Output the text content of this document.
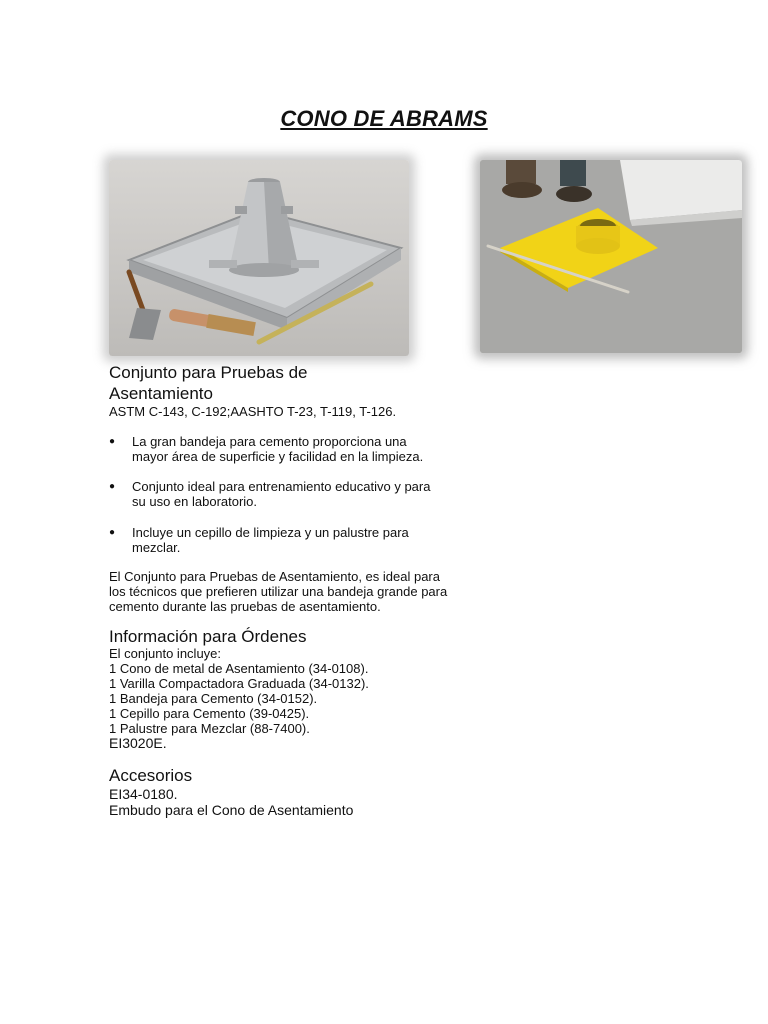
CONO DE ABRAMS
Conjunto para Pruebas de
Asentamiento
ASTM C-143, C-192;AASHTO T-23, T-119, T-126.
● La gran bandeja para cemento proporciona una
mayor área de superficie y facilidad en la limpieza.
● Conjunto ideal para entrenamiento educativo y para
su uso en laboratorio.
● Incluye un cepillo de limpieza y un palustre para
mezclar.
El Conjunto para Pruebas de Asentamiento, es ideal para
los técnicos que prefieren utilizar una bandeja grande para
cemento durante las pruebas de asentamiento.
Información para Órdenes
El conjunto incluye:
1 Cono de metal de Asentamiento (34-0108).
1 Varilla Compactadora Graduada (34-0132).
1 Bandeja para Cemento (34-0152).
1 Cepillo para Cemento (39-0425).
1 Palustre para Mezclar (88-7400).
EI3020E.
Accesorios
EI34-0180.
Embudo para el Cono de Asentamiento
